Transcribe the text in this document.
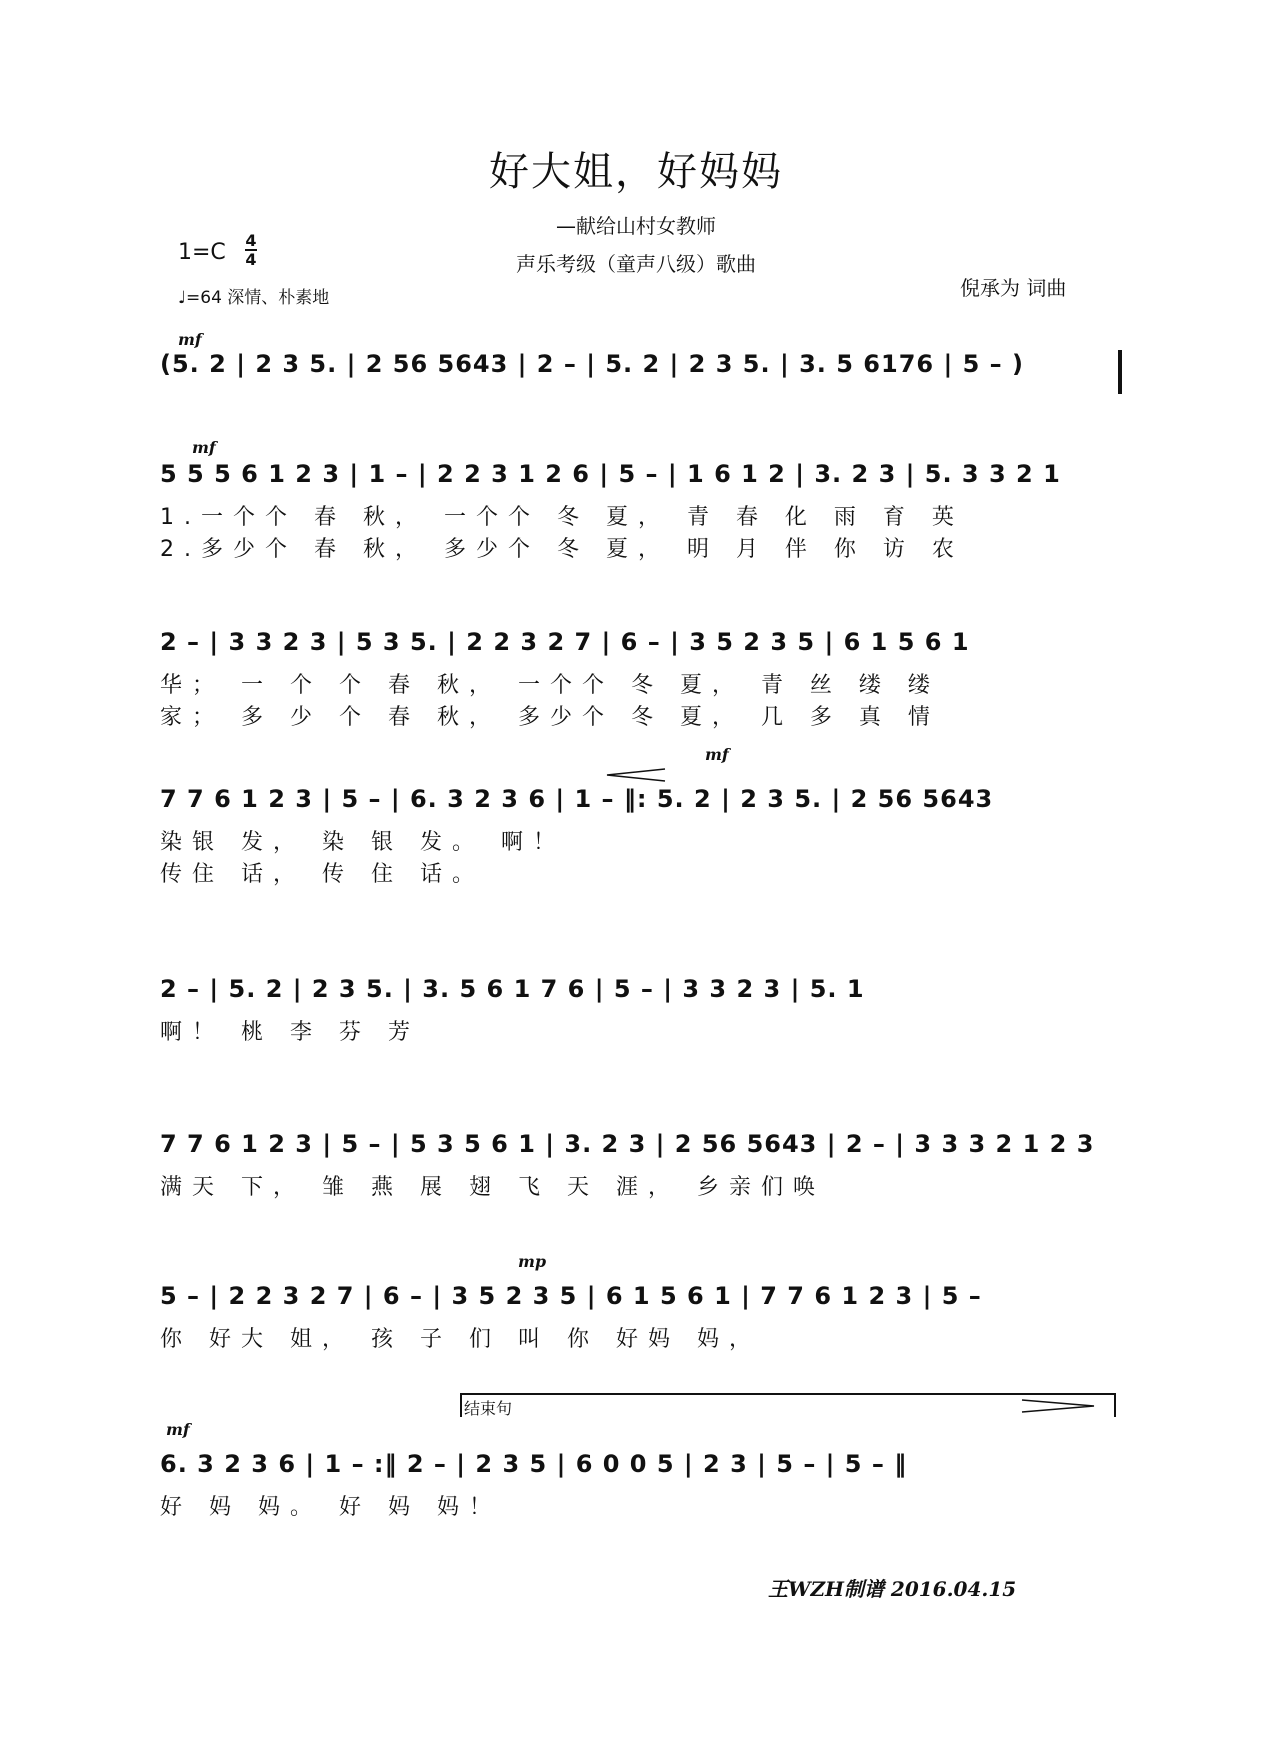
好大姐，好妈妈
—献给山村女教师
声乐考级（童声八级）歌曲
1=C 4
4
♩=64 深情、朴素地	倪承为 词曲
mf
(5. 2 | 2 3 5. | 2 56 5643 | 2 – | 5. 2 | 2 3 5. | 3. 5 6176 | 5 – )
mf
5 5 5 6 1 2 3 | 1 – | 2 2 3 1 2 6 | 5 – | 1 6 1 2 | 3. 2 3 | 5. 3 3 2 1
1.一个个 春 秋， 一个个 冬 夏， 青 春 化 雨 育 英
2.多少个 春 秋， 多少个 冬 夏， 明 月 伴 你 访 农
2 – | 3 3 2 3 | 5 3 5. | 2 2 3 2 7 | 6 – | 3 5 2 3 5 | 6 1 5 6 1
华； 一 个 个 春 秋， 一个个 冬 夏， 青 丝 缕 缕
家； 多 少 个 春 秋， 多少个 冬 夏， 几 多 真 情
mf
7 7 6 1 2 3 | 5 – | 6. 3 2 3 6 | 1 – ‖: 5. 2 | 2 3 5. | 2 56 5643
染银 发， 染 银 发。 啊！
传住 话， 传 住 话。
2 – | 5. 2 | 2 3 5. | 3. 5 6 1 7 6 | 5 – | 3 3 2 3 | 5. 1
啊！ 桃 李 芬 芳
7 7 6 1 2 3 | 5 – | 5 3 5 6 1 | 3. 2 3 | 2 56 5643 | 2 – | 3 3 3 2 1 2 3
满天 下， 雏 燕 展 翅 飞 天 涯， 乡亲们唤
mp
5 – | 2 2 3 2 7 | 6 – | 3 5 2 3 5 | 6 1 5 6 1 | 7 7 6 1 2 3 | 5 –
你 好大 姐， 孩 子 们 叫 你 好妈 妈，
结束句
mf
6. 3 2 3 6 | 1 – :‖ 2 – | 2 3 5 | 6 0 0 5 | 2 3 | 5 – | 5 – ‖
好 妈 妈。 好 妈 妈！
王WZH制谱 2016.04.15
